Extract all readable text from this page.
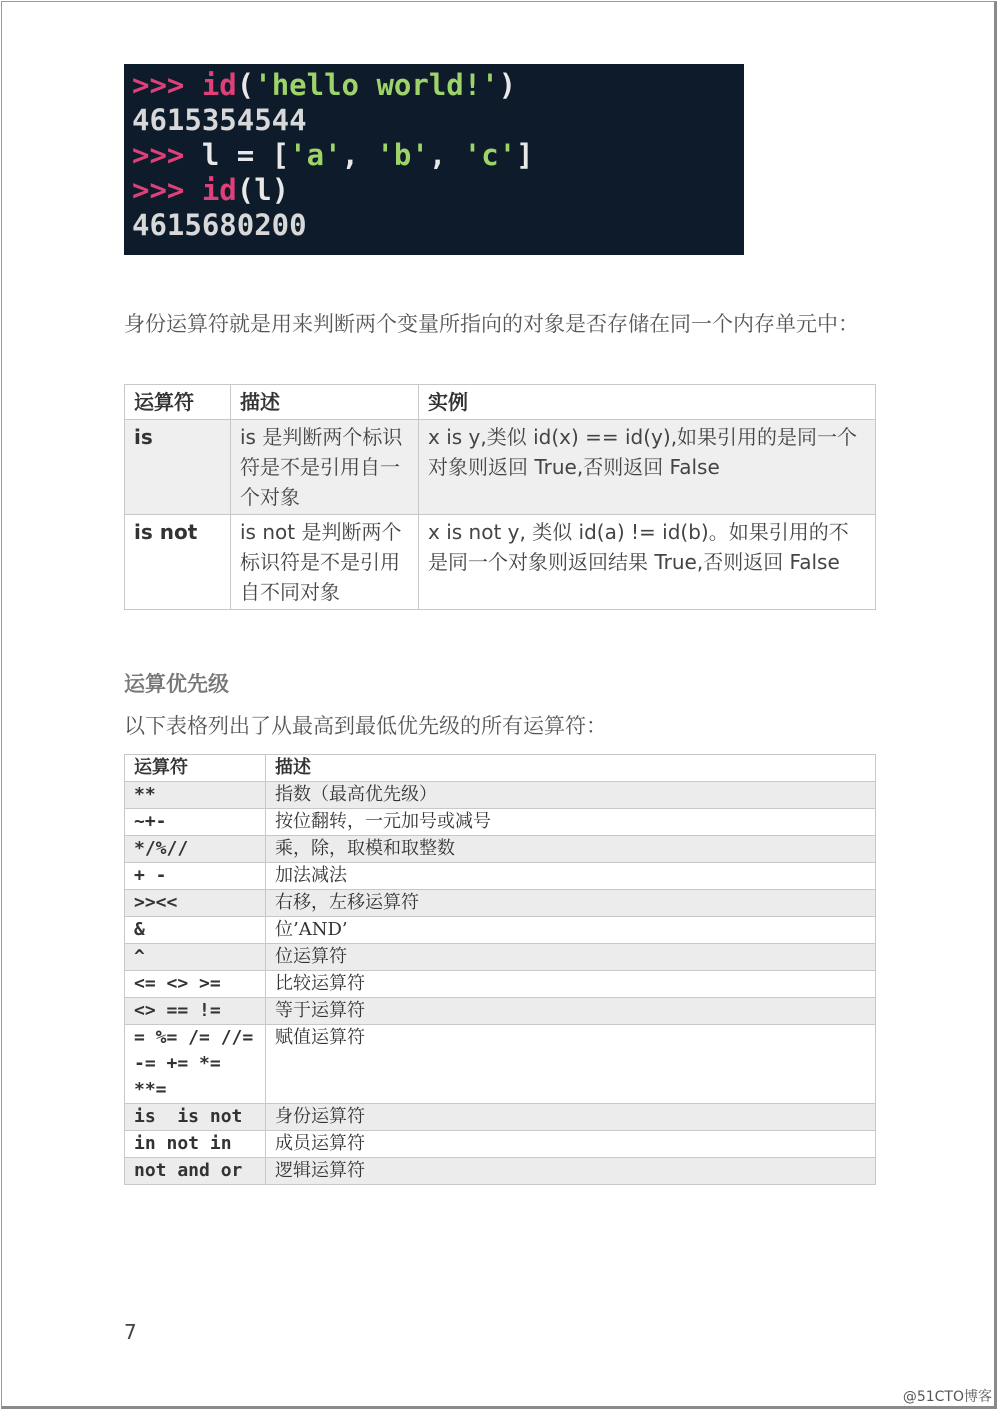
>>> id('hello world!')
4615354544
>>> l = ['a', 'b', 'c']
>>> id(l)
4615680200
身份运算符就是用来判断两个变量所指向的对象是否存储在同一个内存单元中：
运算符	描述	实例
is	is 是判断两个标识符是不是引用自一个对象	x is y,类似 id(x) == id(y),如果引用的是同一个对象则返回 True,否则返回 False
is not	is not 是判断两个标识符是不是引用自不同对象	x is not y, 类似 id(a) != id(b)。如果引用的不是同一个对象则返回结果 True,否则返回 False
运算优先级
以下表格列出了从最高到最低优先级的所有运算符：
运算符	描述
**	指数（最高优先级）
~+-	按位翻转，一元加号或减号
*/%//	乘，除，取模和取整数
+ -	加法减法
>><<	右移，左移运算符
&	位’AND’
^	位运算符
<= <> >=	比较运算符
<> == !=	等于运算符

= %= /= //=
-= += *= **=	赋值运算符
is  is not	身份运算符
in not in	成员运算符
not and or	逻辑运算符
7
@51CTO博客
